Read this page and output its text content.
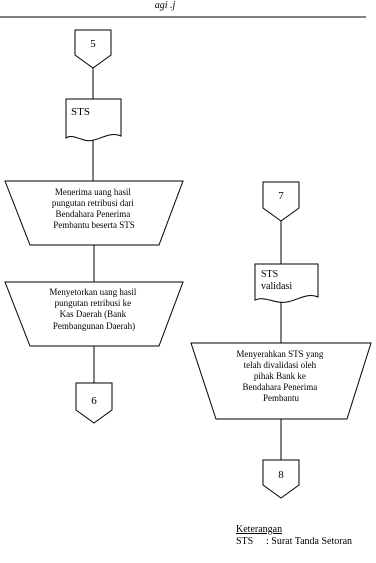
agi .j
5
STS
Menerima uang hasil pungutan retribusi dari Bendahara Penerima Pembantu beserta STS
Menyetorkan uang hasil pungutan retribusi ke Kas Daerah (Bank Pembangunan Daerah)
6
7
STS validasi
Menyerahkan STS yang telah divalidasi oleh pihak Bank ke Bendahara Penerima Pembantu
8
Keterangan
STS : Surat Tanda Setoran
